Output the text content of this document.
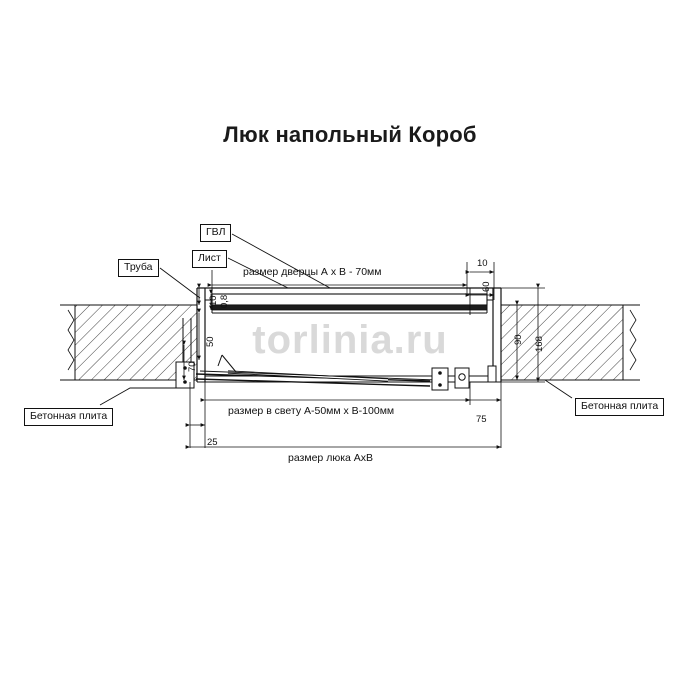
Люк напольный Короб
torlinia.ru
Труба
Лист
ГВЛ
Бетонная плита
Бетонная плита
размер дверцы А х В - 70мм
размер в свету А-50мм х В-100мм
размер люка АхВ
10
60
0,8
10
50
70
25
75
90 168
